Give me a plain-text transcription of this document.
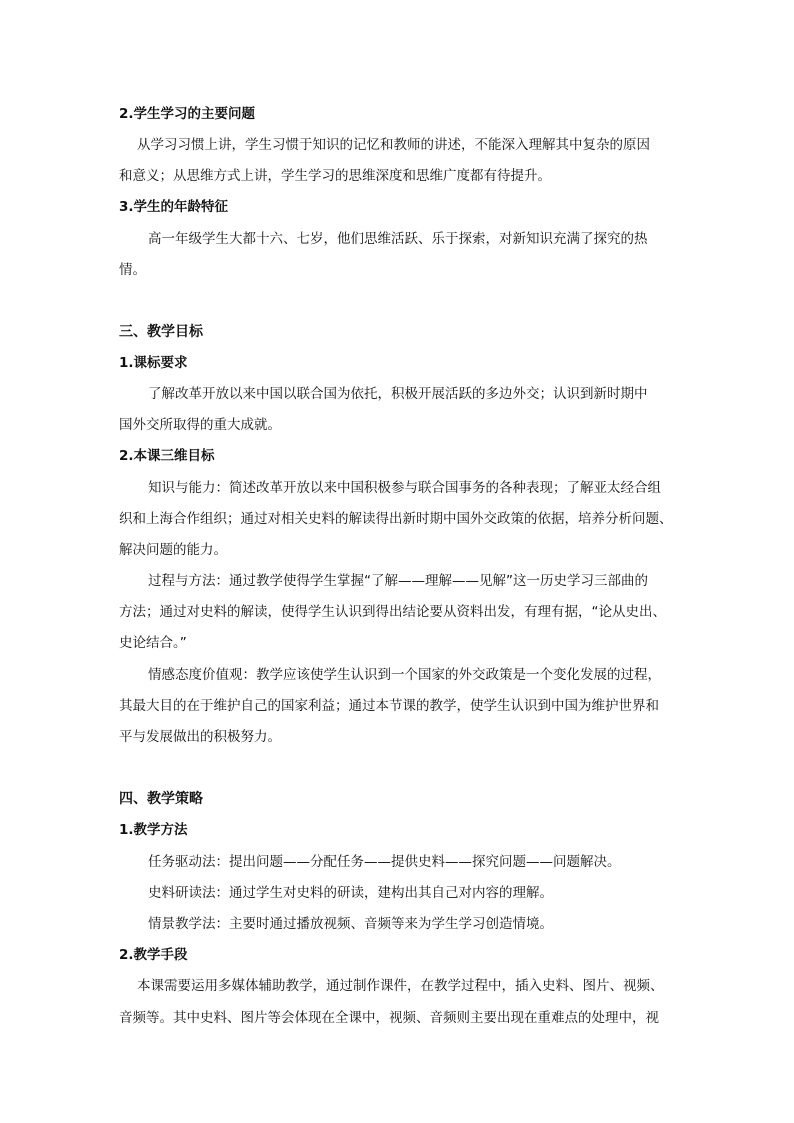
2.学生学习的主要问题
从学习习惯上讲，学生习惯于知识的记忆和教师的讲述，不能深入理解其中复杂的原因
和意义；从思维方式上讲，学生学习的思维深度和思维广度都有待提升。
3.学生的年龄特征
高一年级学生大都十六、七岁，他们思维活跃、乐于探索，对新知识充满了探究的热
情。
三、教学目标
1.课标要求
了解改革开放以来中国以联合国为依托，积极开展活跃的多边外交；认识到新时期中
国外交所取得的重大成就。
2.本课三维目标
知识与能力：简述改革开放以来中国积极参与联合国事务的各种表现；了解亚太经合组
织和上海合作组织；通过对相关史料的解读得出新时期中国外交政策的依据，培养分析问题、
解决问题的能力。
过程与方法：通过教学使得学生掌握“了解——理解——见解”这一历史学习三部曲的
方法；通过对史料的解读，使得学生认识到得出结论要从资料出发，有理有据，“论从史出、
史论结合。”
情感态度价值观：教学应该使学生认识到一个国家的外交政策是一个变化发展的过程，
其最大目的在于维护自己的国家利益；通过本节课的教学，使学生认识到中国为维护世界和
平与发展做出的积极努力。
四、教学策略
1.教学方法
任务驱动法：提出问题——分配任务——提供史料——探究问题——问题解决。
史料研读法：通过学生对史料的研读，建构出其自己对内容的理解。
情景教学法：主要时通过播放视频、音频等来为学生学习创造情境。
2.教学手段
本课需要运用多媒体辅助教学，通过制作课件，在教学过程中，插入史料、图片、视频、
音频等。其中史料、图片等会体现在全课中，视频、音频则主要出现在重难点的处理中，视
